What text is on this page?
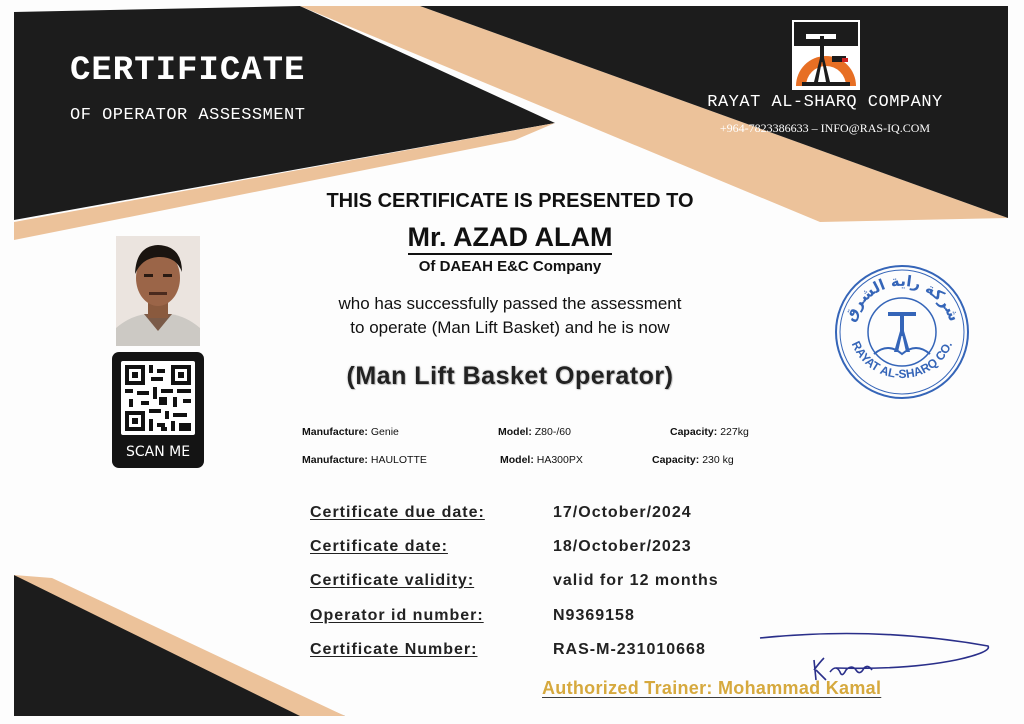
CERTIFICATE
OF OPERATOR ASSESSMENT
RAYAT AL-SHARQ COMPANY
+964-7823386633 – INFO@RAS-IQ.COM
THIS CERTIFICATE IS PRESENTED TO
Mr. AZAD ALAM
Of DAEAH E&C Company
who has successfully passed the assessment
to operate (Man Lift Basket) and he is now
(Man Lift Basket Operator)
SCAN ME
Manufacture: Genie	Model: Z80-/60	Capacity: 227kg
Manufacture: HAULOTTE	Model: HA300PX	Capacity: 230 kg
Certificate due date:	17/October/2024
Certificate date:	18/October/2023
Certificate validity:	valid for 12 months
Operator id number:	N9369158
Certificate Number:	RAS-M-231010668
شركة راية الشرق
RAYAT AL-SHARQ CO.
Authorized Trainer: Mohammad Kamal
